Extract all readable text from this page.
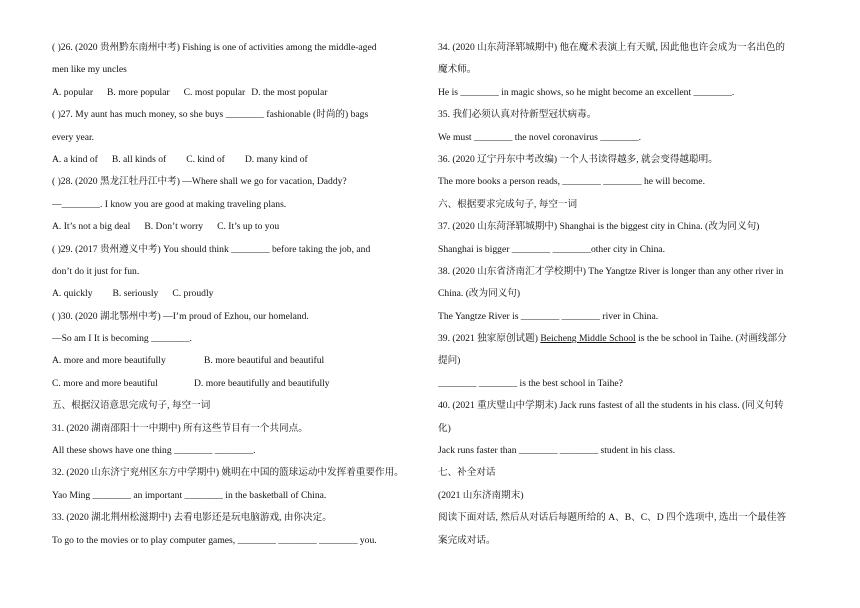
( )26. (2020 贵州黔东南州中考) Fishing is one of activities among the middle-aged
men like my uncles
A. popular B. more popular C. most popular D. the most popular
( )27. My aunt has much money, so she buys ________ fashionable (时尚的) bags
every year.
A. a kind of B. all kinds of C. kind of D. many kind of
( )28. (2020 黑龙江牡丹江中考) —Where shall we go for vacation, Daddy?
—________. I know you are good at making traveling plans.
A. It’s not a big deal B. Don’t worry C. It’s up to you
( )29. (2017 贵州遵义中考) You should think ________ before taking the job, and
don’t do it just for fun.
A. quickly B. seriously C. proudly
( )30. (2020 湖北鄂州中考) —I’m proud of Ezhou, our homeland.
—So am I It is becoming ________.
A. more and more beautifully	B. more beautiful and beautiful
C. more and more beautiful	D. more beautifully and beautifully
五、根据汉语意思完成句子, 每空一词
31. (2020 湖南邵阳十一中期中) 所有这些节目有一个共同点。
All these shows have one thing ________ ________.
32. (2020 山东济宁兖州区东方中学期中) 姚明在中国的篮球运动中发挥着重要作用。
Yao Ming ________ an important ________ in the basketball of China.
33. (2020 湖北荆州松滋期中) 去看电影还是玩电脑游戏, 由你决定。
To go to the movies or to play computer games, ________ ________ ________ you.
34. (2020 山东菏泽郓城期中) 他在魔术表演上有天赋, 因此他也许会成为一名出色的
魔术师。
He is ________ in magic shows, so he might become an excellent ________.
35. 我们必须认真对待新型冠状病毒。
We must ________ the novel coronavirus ________.
36. (2020 辽宁丹东中考改编) 一个人书读得越多, 就会变得越聪明。
The more books a person reads, ________ ________ he will become.
六、根据要求完成句子, 每空一词
37. (2020 山东菏泽郓城期中) Shanghai is the biggest city in China. (改为同义句)
Shanghai is bigger ________ ________other city in China.
38. (2020 山东省济南汇才学校期中) The Yangtze River is longer than any other river in
China. (改为同义句)
The Yangtze River is ________ ________ river in China.
39. (2021 独家原创试题) Beicheng Middle School is the be school in Taihe. (对画线部分
提问)
________ ________ is the best school in Taihe?
40. (2021 重庆璧山中学期末) Jack runs fastest of all the students in his class. (同义句转
化)
Jack runs faster than ________ ________ student in his class.
七、补全对话
(2021 山东济南期末)
阅读下面对话, 然后从对话后每题所给的 A、B、C、D 四个选项中, 选出一个最佳答
案完成对话。
